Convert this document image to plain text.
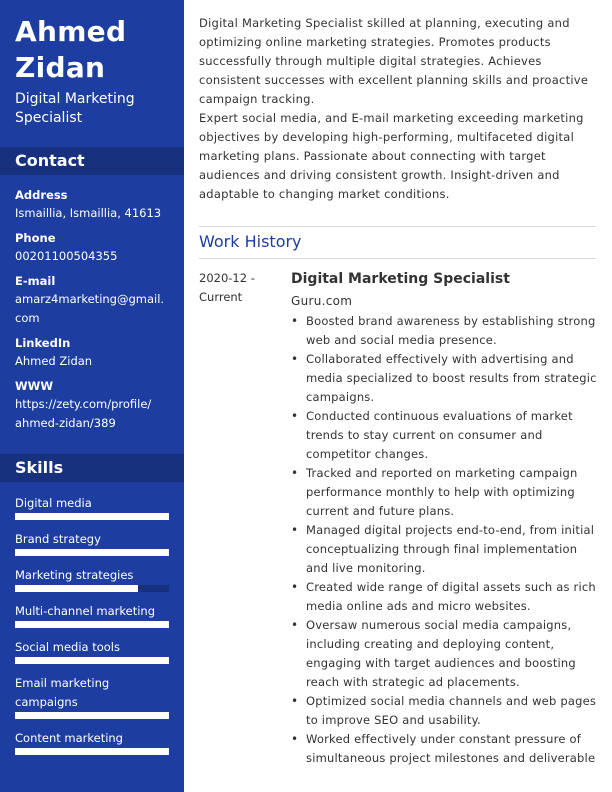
Ahmed
Zidan
Digital Marketing Specialist
Contact
Address
Ismaillia, Ismaillia, 41613
Phone
00201100504355
E-mail
amarz4marketing@gmail.com
LinkedIn
Ahmed Zidan
WWW
https://zety.com/profile/ahmed-zidan/389
Skills
Digital media
Brand strategy
Marketing strategies
Multi-channel marketing
Social media tools
Email marketing campaigns
Content marketing

Digital Marketing Specialist skilled at planning, executing and optimizing online marketing strategies. Promotes products successfully through multiple digital strategies. Achieves consistent successes with excellent planning skills and proactive campaign tracking.

Expert social media, and E-mail marketing exceeding marketing objectives by developing high-performing, multifaceted digital marketing plans. Passionate about connecting with target audiences and driving consistent growth. Insight-driven and adaptable to changing market conditions.

Work History
2020-12 - Current
Digital Marketing Specialist
Guru.com
• Boosted brand awareness by establishing strong web and social media presence.
• Collaborated effectively with advertising and media specialized to boost results from strategic campaigns.
• Conducted continuous evaluations of market trends to stay current on consumer and competitor changes.
• Tracked and reported on marketing campaign performance monthly to help with optimizing current and future plans.
• Managed digital projects end-to-end, from initial conceptualizing through final implementation and live monitoring.
• Created wide range of digital assets such as rich media online ads and micro websites.
• Oversaw numerous social media campaigns, including creating and deploying content, engaging with target audiences and boosting reach with strategic ad placements.
• Optimized social media channels and web pages to improve SEO and usability.
• Worked effectively under constant pressure of simultaneous project milestones and deliverable
